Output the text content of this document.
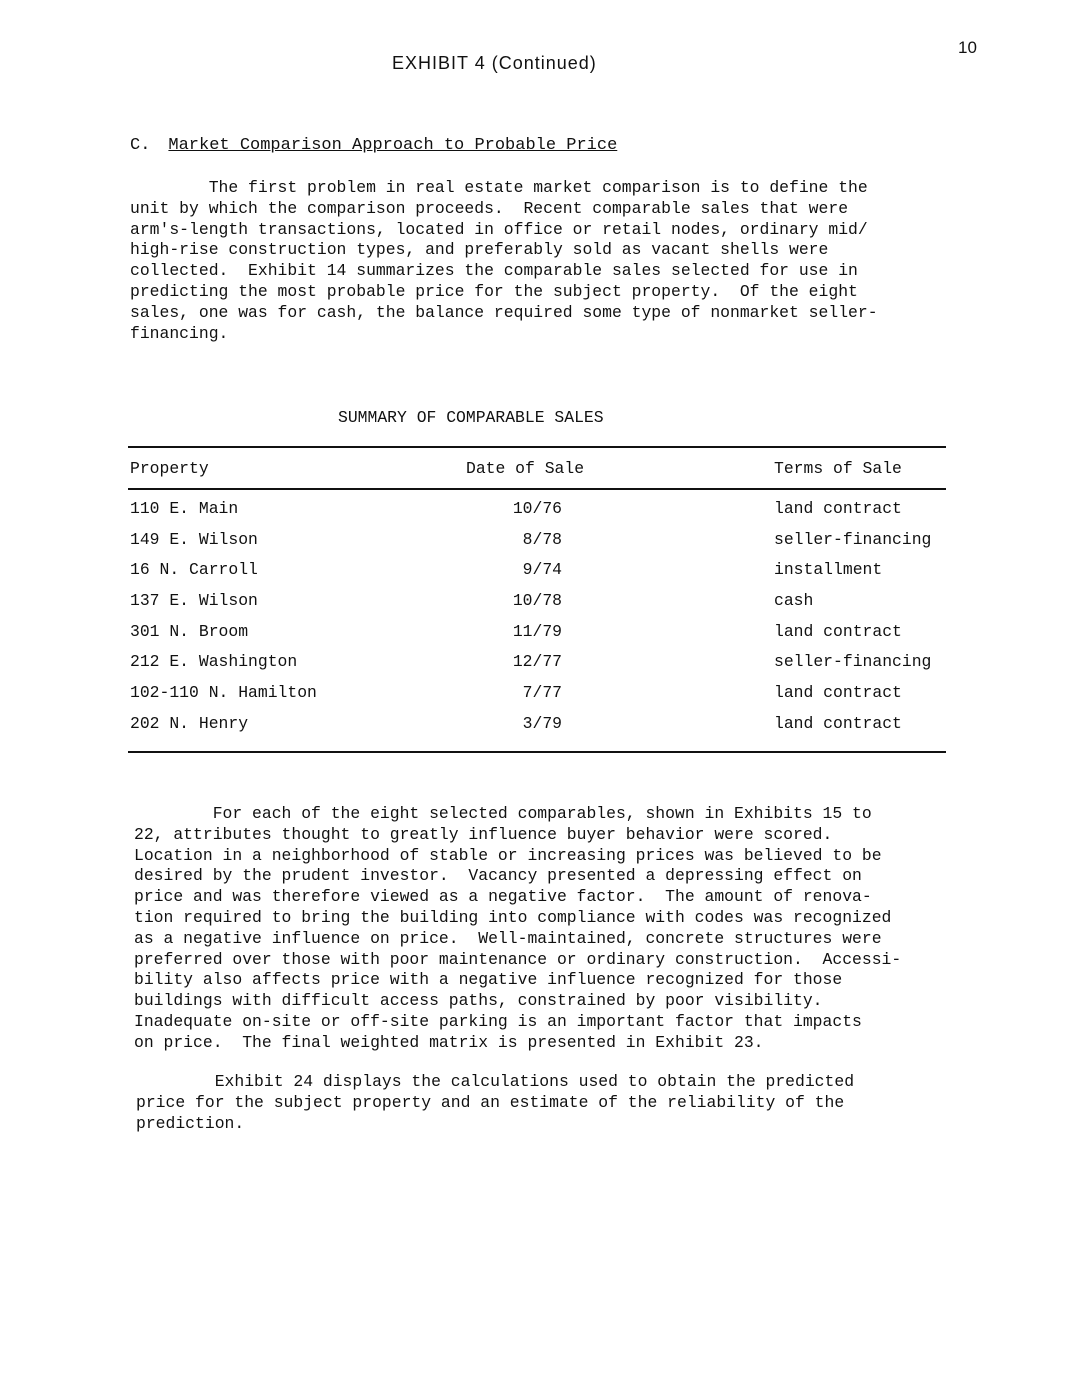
10
EXHIBIT 4 (Continued)
C. Market Comparison Approach to Probable Price

The first problem in real estate market comparison is to define the
unit by which the comparison proceeds.  Recent comparable sales that were
arm's-length transactions, located in office or retail nodes, ordinary mid/
high-rise construction types, and preferably sold as vacant shells were
collected.  Exhibit 14 summarizes the comparable sales selected for use in
predicting the most probable price for the subject property.  Of the eight
sales, one was for cash, the balance required some type of nonmarket seller-
financing.

SUMMARY OF COMPARABLE SALES
Property	Date of Sale	Terms of Sale
110 E. Main	10/76	land contract
149 E. Wilson	8/78	seller-financing
16 N. Carroll	9/74	installment
137 E. Wilson	10/78	cash
301 N. Broom	11/79	land contract
212 E. Washington	12/77	seller-financing
102-110 N. Hamilton	7/77	land contract
202 N. Henry	3/79	land contract

For each of the eight selected comparables, shown in Exhibits 15 to
22, attributes thought to greatly influence buyer behavior were scored.
Location in a neighborhood of stable or increasing prices was believed to be
desired by the prudent investor.  Vacancy presented a depressing effect on
price and was therefore viewed as a negative factor.  The amount of renova-
tion required to bring the building into compliance with codes was recognized
as a negative influence on price.  Well-maintained, concrete structures were
preferred over those with poor maintenance or ordinary construction.  Accessi-
bility also affects price with a negative influence recognized for those
buildings with difficult access paths, constrained by poor visibility.
Inadequate on-site or off-site parking is an important factor that impacts
on price.  The final weighted matrix is presented in Exhibit 23.

Exhibit 24 displays the calculations used to obtain the predicted
price for the subject property and an estimate of the reliability of the
prediction.
